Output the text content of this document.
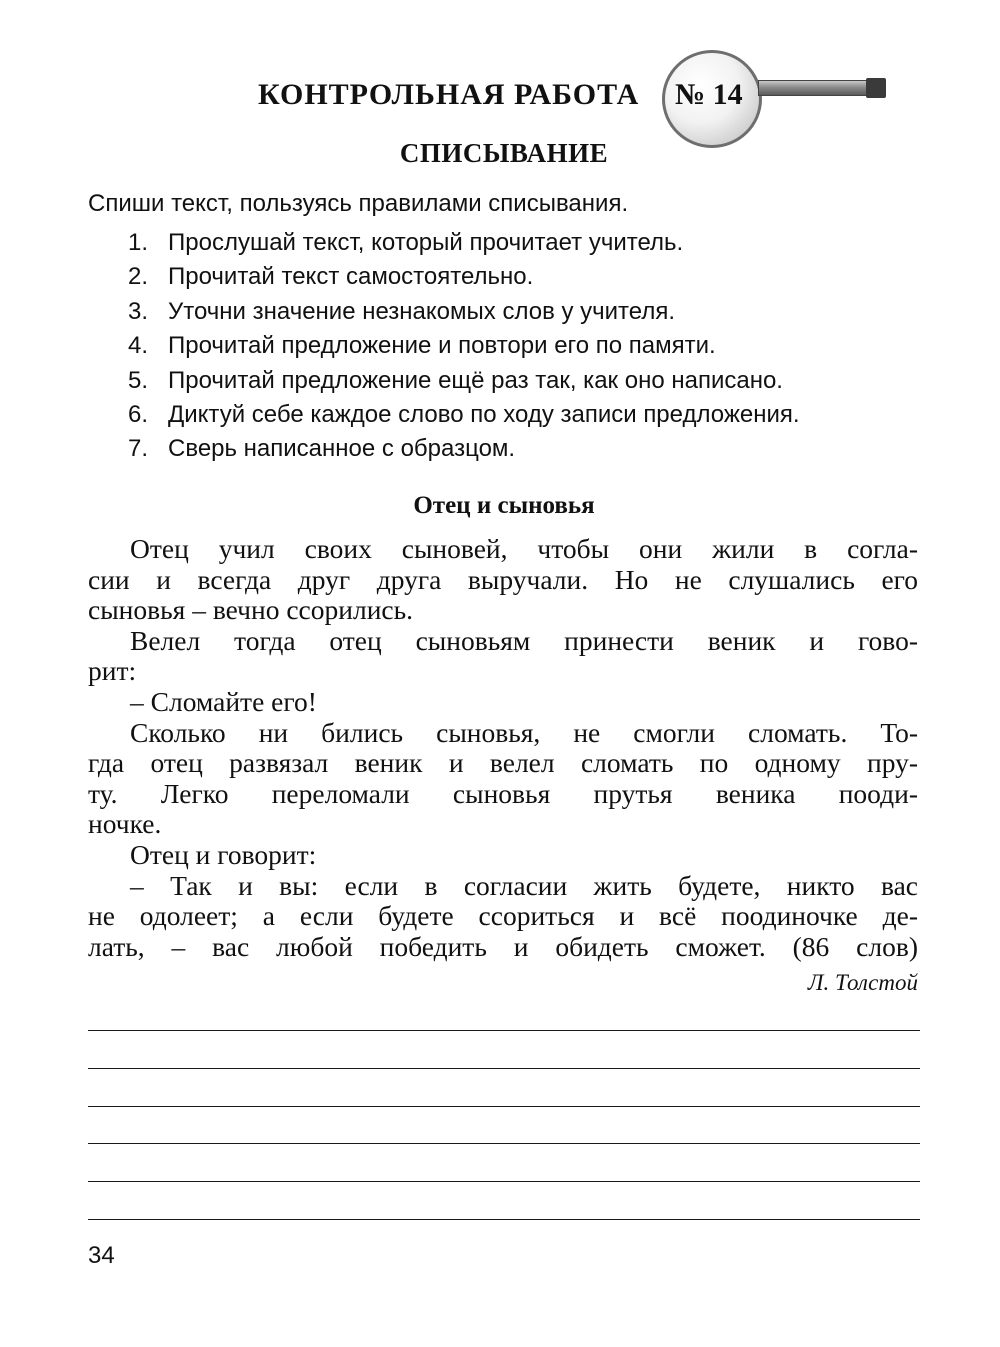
КОНТРОЛЬНАЯ РАБОТА № 14
СПИСЫВАНИЕ

Спиши текст, пользуясь правилами списывания.

1. Прослушай текст, который прочитает учитель.
2. Прочитай текст самостоятельно.
3. Уточни значение незнакомых слов у учителя.
4. Прочитай предложение и повтори его по памяти.
5. Прочитай предложение ещё раз так, как оно написано.
6. Диктуй себе каждое слово по ходу записи предложения.
7. Сверь написанное с образцом.
Отец и сыновья
Отец учил своих сыновей, чтобы они жили в согла-
сии и всегда друг друга выручали. Но не слушались его
сыновья – вечно ссорились.
Велел тогда отец сыновьям принести веник и гово-
рит:
– Сломайте его!
Сколько ни бились сыновья, не смогли сломать. То-
гда отец развязал веник и велел сломать по одному пру-
ту. Легко переломали сыновья прутья веника пооди-
ночке.
Отец и говорит:
– Так и вы: если в согласии жить будете, никто вас
не одолеет; а если будете ссориться и всё поодиночке де-
лать, – вас любой победить и обидеть сможет. (86 слов)

Л. Толстой

34
